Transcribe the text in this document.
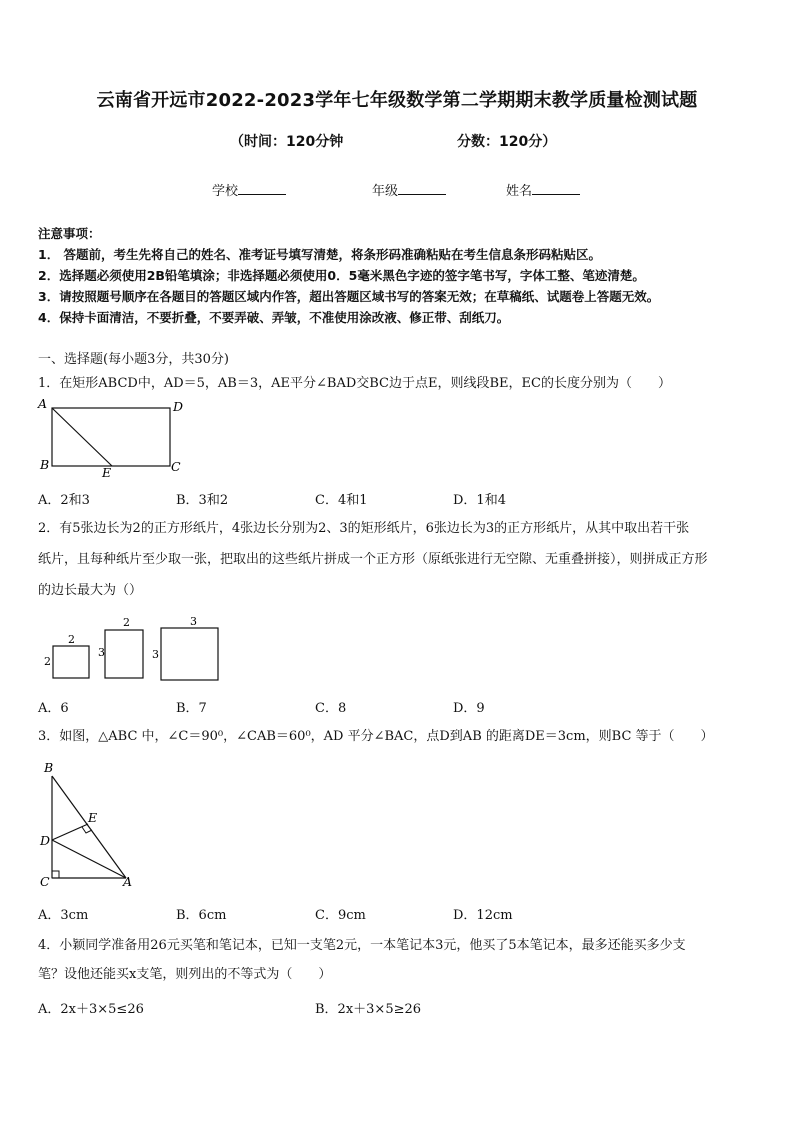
云南省开远市2022-2023学年七年级数学第二学期期末教学质量检测试题
（时间：120分钟	分数：120分）
学校	年级	姓名
注意事项：
1． 答题前，考生先将自己的姓名、准考证号填写清楚，将条形码准确粘贴在考生信息条形码粘贴区。
2．选择题必须使用2B铅笔填涂；非选择题必须使用0．5毫米黑色字迹的签字笔书写，字体工整、笔迹清楚。
3．请按照题号顺序在各题目的答题区域内作答，超出答题区域书写的答案无效；在草稿纸、试题卷上答题无效。
4．保持卡面清洁，不要折叠，不要弄破、弄皱，不准使用涂改液、修正带、刮纸刀。
一、选择题(每小题3分，共30分)
1．在矩形ABCD中，AD＝5，AB＝3，AE平分∠BAD交BC边于点E，则线段BE，EC的长度分别为（　　）
A	D
B
E	C
A．2和3	B．3和2	C．4和1	D．1和4
2．有5张边长为2的正方形纸片，4张边长分别为2、3的矩形纸片，6张边长为3的正方形纸片，从其中取出若干张
纸片，且每种纸片至少取一张，把取出的这些纸片拼成一个正方形（原纸张进行无空隙、无重叠拼接），则拼成正方形
的边长最大为（）
2
2
2
3
3
3
A．6	B．7	C．8	D．9
3．如图，△ABC 中，∠C＝90⁰，∠CAB＝60⁰，AD 平分∠BAC，点D到AB 的距离DE＝3cm，则BC 等于（　　）
B
E
D
C	A
A．3cm	B．6cm	C．9cm	D．12cm
4．小颖同学准备用26元买笔和笔记本，已知一支笔2元，一本笔记本3元，他买了5本笔记本，最多还能买多少支
笔？设他还能买x支笔，则列出的不等式为（　　）
A．2x＋3×5≤26	B．2x＋3×5≥26
